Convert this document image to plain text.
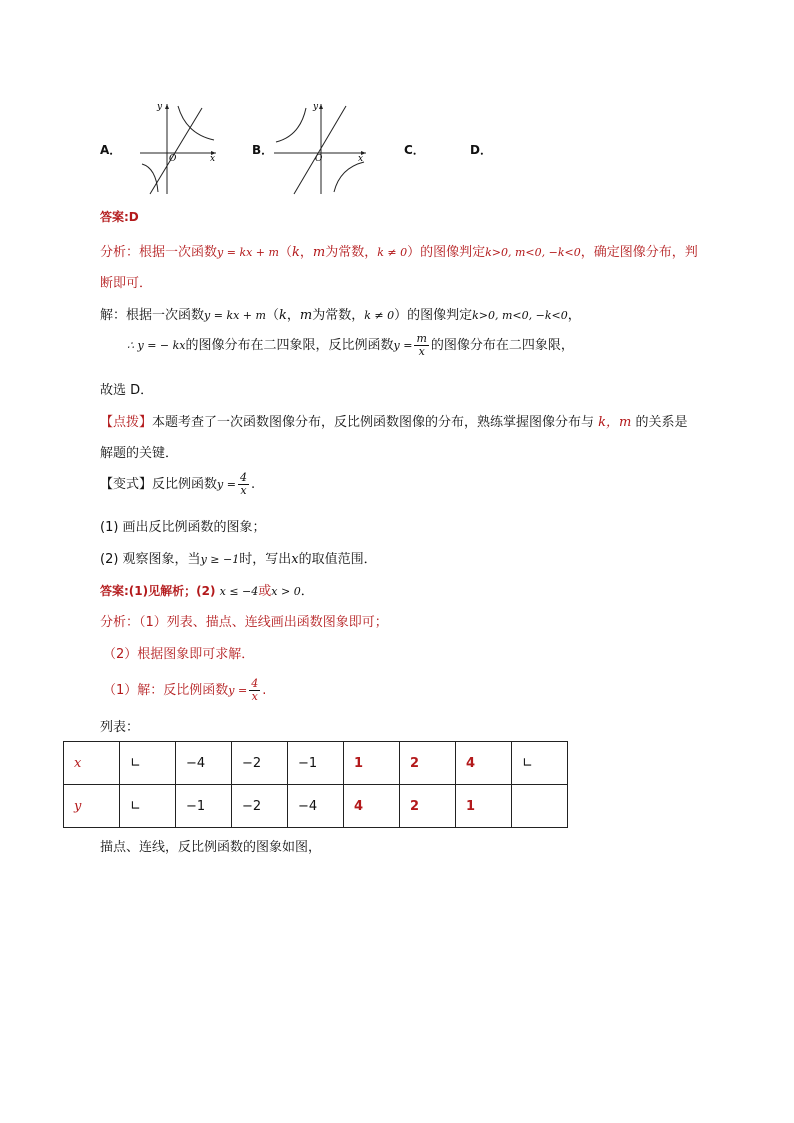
A．
y
x
O
B．
y
x
O
C．	D．
答案:D
分析：根据一次函数y = kx + m（k，m为常数，k ≠ 0）的图像判定k>0, m<0, −k<0，确定图像分布，判
断即可．
解：根据一次函数y = kx + m（k，m为常数，k ≠ 0）的图像判定k>0, m<0, −k<0，
∴ y = − kx的图像分布在二四象限，反比例函数$y = \frac{m}{x}$ 的图像分布在二四象限，
故选 D．
【点拨】本题考查了一次函数图像分布，反比例函数图像的分布，熟练掌握图像分布与 k，m 的关系是
解题的关键．
【变式】反比例函数$y = \frac{4}{x}$ .
(1) 画出反比例函数的图象；
(2) 观察图象，当y ≥ −1时，写出x的取值范围．
答案:(1)见解析；(2) x ≤ −4或x > 0．
分析：（1）列表、描点、连线画出函数图象即可；
（2）根据图象即可求解．
（1）解：反比例函数$y = \frac{4}{x}$ .
列表：
x	∟	−4	−2	−1	1	2	4	∟
y	∟	−1	−2	−4	4	2	1	
描点、连线，反比例函数的图象如图，
